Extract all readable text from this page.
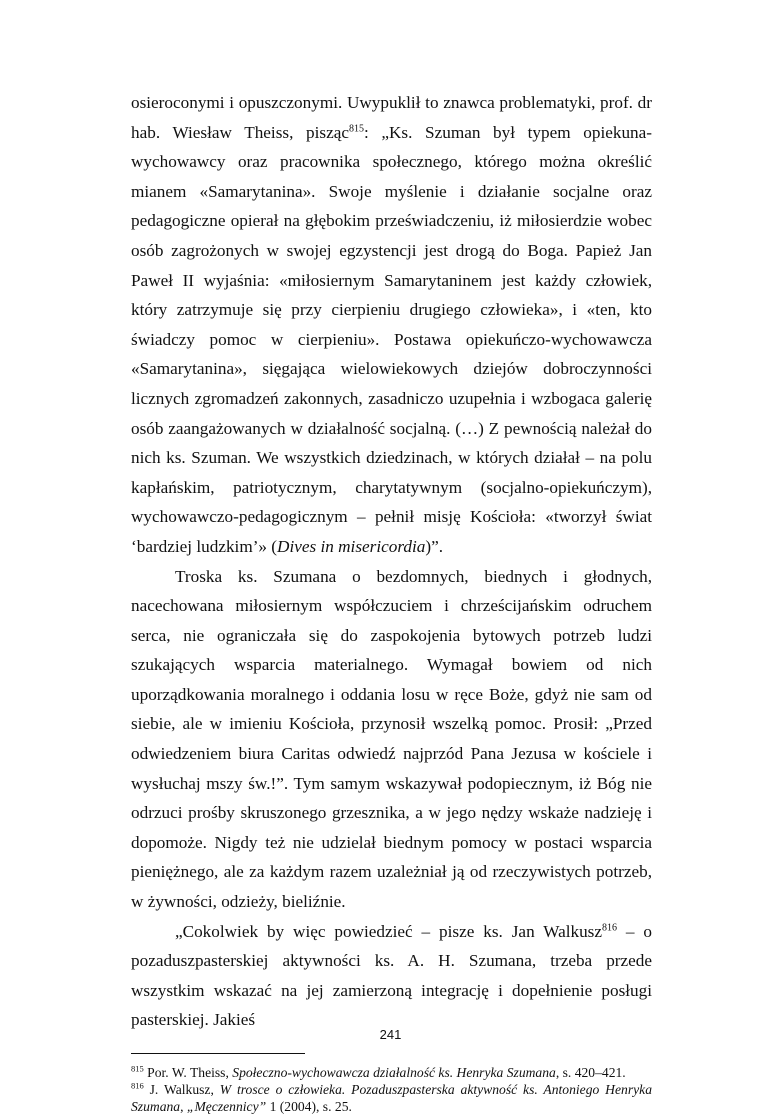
osieroconymi i opuszczonymi. Uwypuklił to znawca problematyki, prof. dr hab. Wiesław Theiss, pisząc$^{815}$: „Ks. Szuman był typem opiekuna-wychowawcy oraz pracownika społecznego, którego można określić mianem «Samarytanina». Swoje myślenie i działanie socjalne oraz pedagogiczne opierał na głębokim przeświadczeniu, iż miłosierdzie wobec osób zagrożonych w swojej egzystencji jest drogą do Boga. Papież Jan Paweł II wyjaśnia: «miłosiernym Samarytaninem jest każdy człowiek, który zatrzymuje się przy cierpieniu drugiego człowieka», i «ten, kto świadczy pomoc w cierpieniu». Postawa opiekuńczo-wychowawcza «Samarytanina», sięgająca wielowiekowych dziejów dobroczynności licznych zgromadzeń zakonnych, zasadniczo uzupełnia i wzbogaca galerię osób zaangażowanych w działalność socjalną. (…) Z pewnością należał do nich ks. Szuman. We wszystkich dziedzinach, w których działał – na polu kapłańskim, patriotycznym, charytatywnym (socjalno-opiekuńczym), wychowawczo-pedagogicznym – pełnił misję Kościoła: «tworzył świat ‘bardziej ludzkim’» (Dives in misericordia)”.

Troska ks. Szumana o bezdomnych, biednych i głodnych, nacechowana miłosiernym współczuciem i chrześcijańskim odruchem serca, nie ograniczała się do zaspokojenia bytowych potrzeb ludzi szukających wsparcia materialnego. Wymagał bowiem od nich uporządkowania moralnego i oddania losu w ręce Boże, gdyż nie sam od siebie, ale w imieniu Kościoła, przynosił wszelką pomoc. Prosił: „Przed odwiedzeniem biura Caritas odwiedź najprzód Pana Jezusa w kościele i wysłuchaj mszy św.!”. Tym samym wskazywał podopiecznym, iż Bóg nie odrzuci prośby skruszonego grzesznika, a w jego nędzy wskaże nadzieję i dopomoże. Nigdy też nie udzielał biednym pomocy w postaci wsparcia pieniężnego, ale za każdym razem uzależniał ją od rzeczywistych potrzeb, w żywności, odzieży, bieliźnie.

„Cokolwiek by więc powiedzieć – pisze ks. Jan Walkusz$^{816}$ – o pozaduszpasterskiej aktywności ks. A. H. Szumana, trzeba przede wszystkim wskazać na jej zamierzoną integrację i dopełnienie posługi pasterskiej. Jakieś

$^{815}$ Por. W. Theiss, Społeczno-wychowawcza działalność ks. Henryka Szumana, s. 420–421.

$^{816}$ J. Walkusz, W trosce o człowieka. Pozaduszpasterska aktywność ks. Antoniego Henryka Szumana, „Męczennicy” 1 (2004), s. 25.

241
